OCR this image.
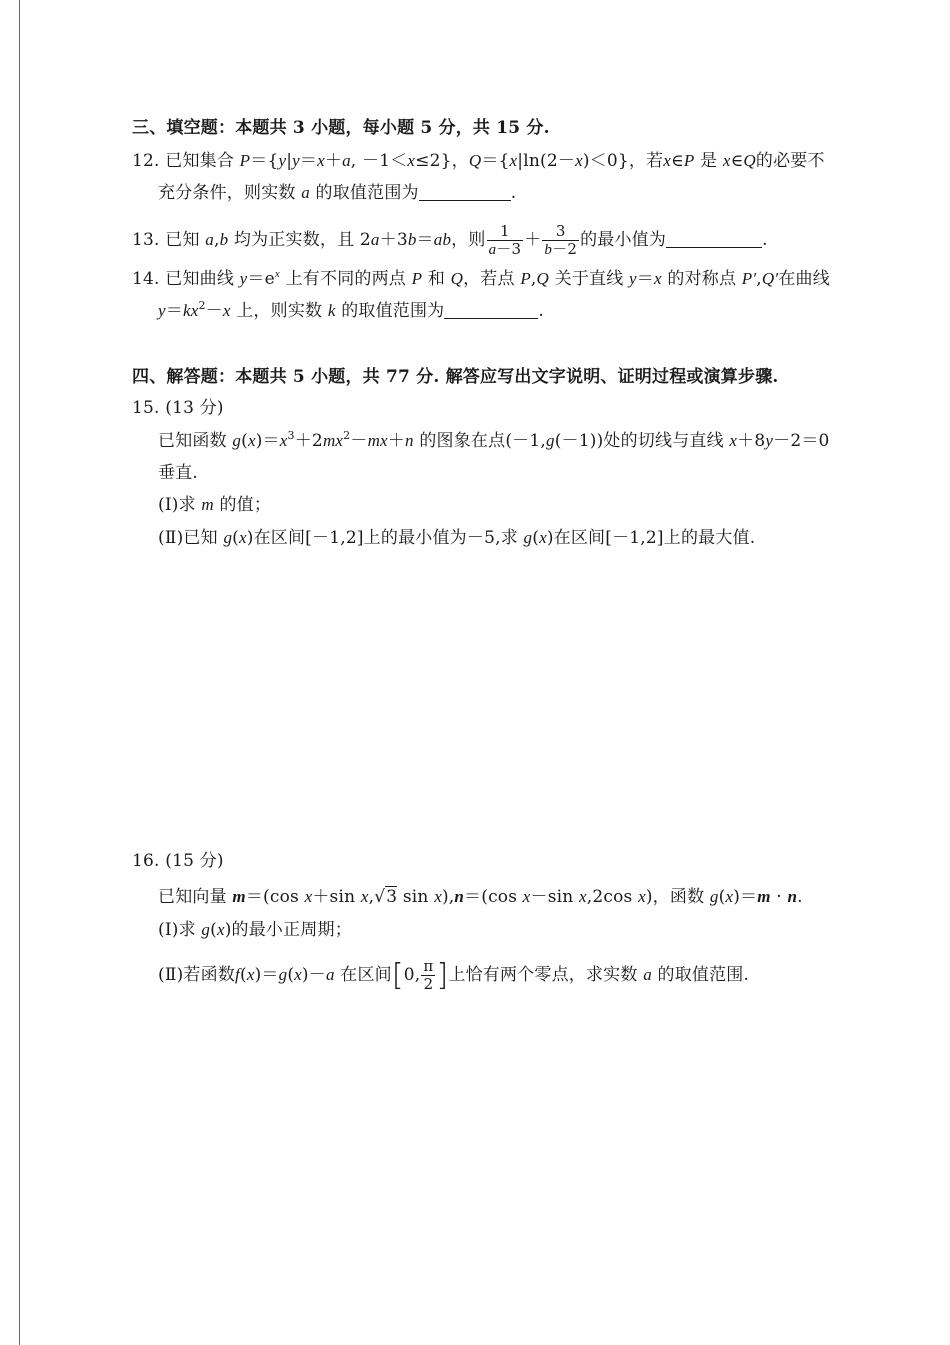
三、填空题：本题共 3 小题，每小题 5 分，共 15 分.
12. 已知集合 P＝{y|y＝x＋a, －1＜x≤2}，Q＝{x|ln(2－x)＜0}，若x∈P 是 x∈Q的必要不
充分条件，则实数 a 的取值范围为	.
13. 已知 a,b 均为正实数，且 2a＋3b＝ab，则 $\frac{1}{a-3} + \frac{3}{b-2}$ 的最小值为	.
14. 已知曲线 $y=e^x$ 上有不同的两点 P 和 Q，若点 P,Q 关于直线 y＝x 的对称点 P′,Q′在曲线
$y=kx^2-x$ 上，则实数 k 的取值范围为	.
四、解答题：本题共 5 小题，共 77 分. 解答应写出文字说明、证明过程或演算步骤.
15. (13 分)
已知函数 $g(x)=x^3+2mx^2-mx+n$ 的图象在点(－1,g(－1))处的切线与直线 x＋8y－2＝0
垂直.
(Ⅰ)求 m 的值；
(Ⅱ)已知 g(x)在区间[－1,2]上的最小值为－5,求 g(x)在区间[－1,2]上的最大值.
16. (15 分)
已知向量 m＝(cos x＋sin x,√3 sin x),n＝(cos x－sin x,2cos x)，函数 g(x)＝m · n.
(Ⅰ)求 g(x)的最小正周期；
(Ⅱ)若函数f(x)＝g(x)－a 在区间[0, $\frac{\pi}{2}$ ]上恰有两个零点，求实数 a 的取值范围.
